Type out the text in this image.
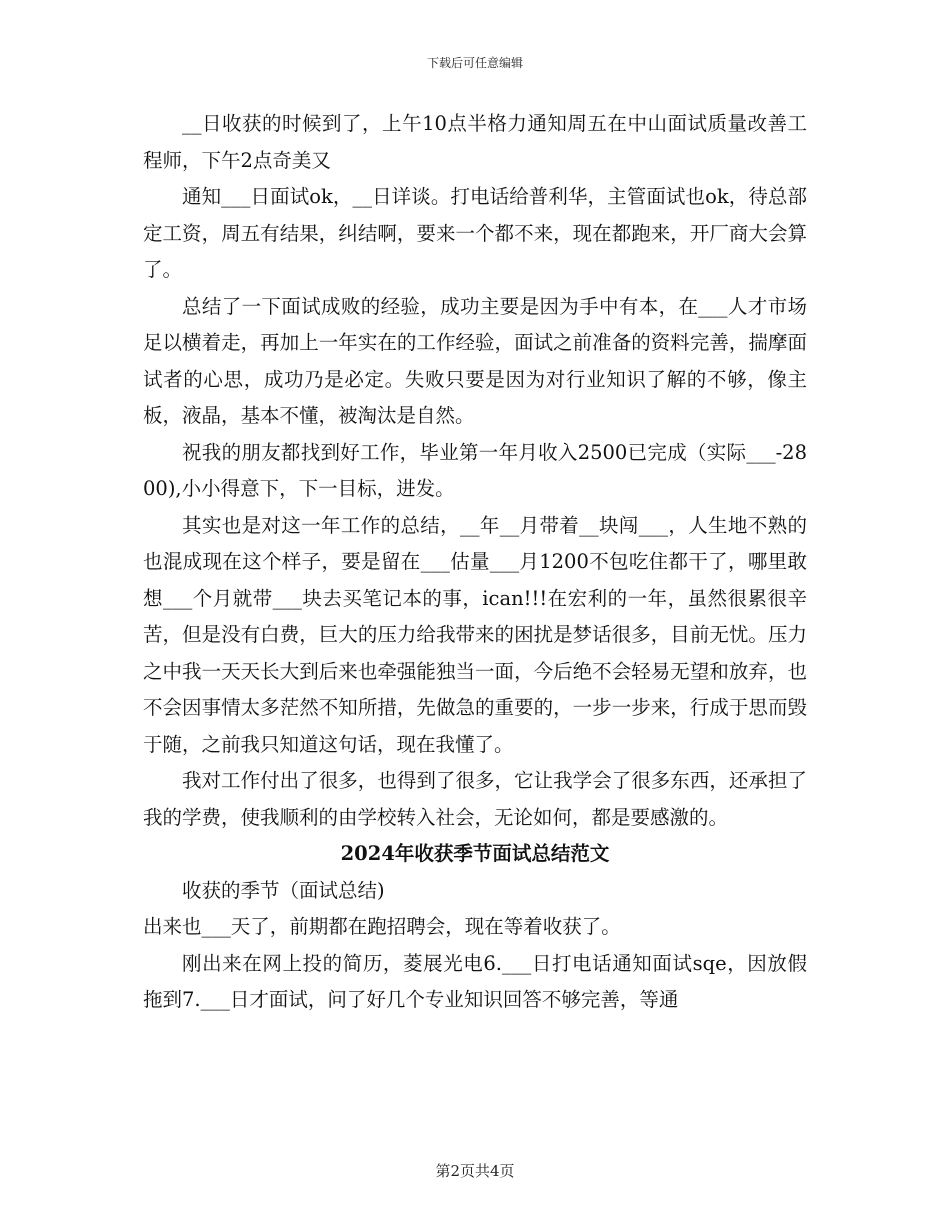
下载后可任意编辑

__日收获的时候到了，上午10点半格力通知周五在中山面试质量改善工程师，下午2点奇美又

通知___日面试ok，__日详谈。打电话给普利华，主管面试也ok，待总部定工资，周五有结果，纠结啊，要来一个都不来，现在都跑来，开厂商大会算了。

总结了一下面试成败的经验，成功主要是因为手中有本，在___人才市场足以横着走，再加上一年实在的工作经验，面试之前准备的资料完善，揣摩面试者的心思，成功乃是必定。失败只要是因为对行业知识了解的不够，像主板，液晶，基本不懂，被淘汰是自然。

祝我的朋友都找到好工作，毕业第一年月收入2500已完成（实际___-2800),小小得意下，下一目标，进发。

其实也是对这一年工作的总结，__年__月带着__块闯___，人生地不熟的也混成现在这个样子，要是留在___估量___月1200不包吃住都干了，哪里敢想___个月就带___块去买笔记本的事，ican!!!在宏利的一年，虽然很累很辛苦，但是没有白费，巨大的压力给我带来的困扰是梦话很多，目前无忧。压力之中我一天天长大到后来也牵强能独当一面，今后绝不会轻易无望和放弃，也不会因事情太多茫然不知所措，先做急的重要的，一步一步来，行成于思而毁于随，之前我只知道这句话，现在我懂了。

我对工作付出了很多，也得到了很多，它让我学会了很多东西，还承担了我的学费，使我顺利的由学校转入社会，无论如何，都是要感激的。

2024年收获季节面试总结范文

收获的季节（面试总结)

出来也___天了，前期都在跑招聘会，现在等着收获了。

刚出来在网上投的简历，菱展光电6.___日打电话通知面试sqe，因放假拖到7.___日才面试，问了好几个专业知识回答不够完善，等通

第2页共4页
